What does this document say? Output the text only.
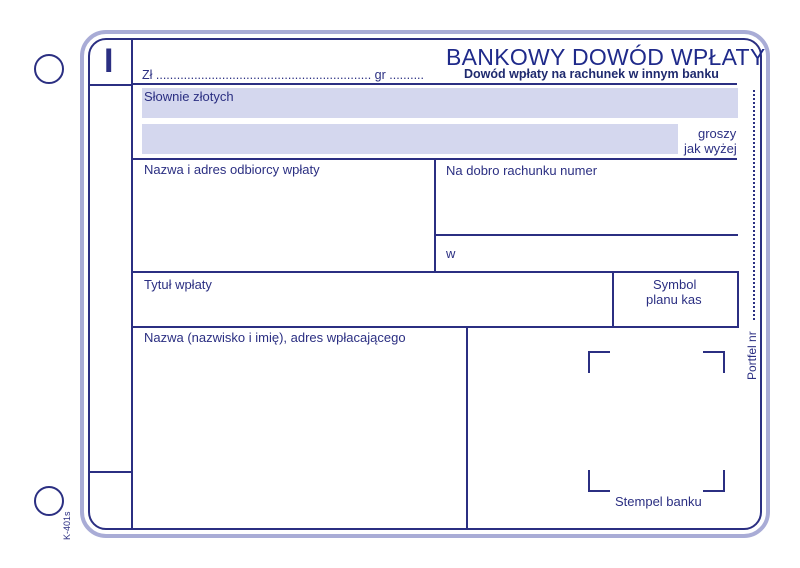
K-401s
I	BANKOWY DOWÓD WPŁATY
Zł .............................................................. gr ..........	Dowód wpłaty na rachunek w innym banku
Słownie złotych
groszy
jak wyżej
Nazwa i adres odbiorcy wpłaty	Na dobro rachunku numer
w
Tytuł wpłaty	Symbol
planu kas
Nazwa (nazwisko i imię), adres wpłacającego
Stempel banku
Portfel nr
